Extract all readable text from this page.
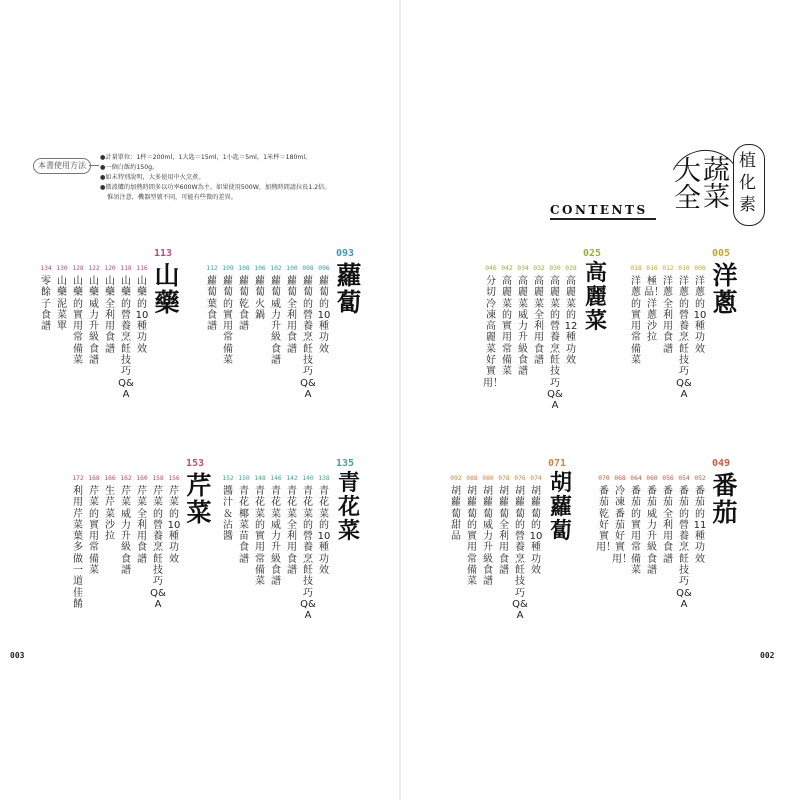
本書使用方法
●計量單位：1杯＝200ml，1大匙＝15ml，1小匙＝5ml，1米杯＝180ml。
●一個白飯約150g。
●如未特別說明，大多使用中火烹煮。
●微波爐的加熱時間多以功率600W為主，如果使用500W，加熱時間請拉長1.2倍。
惟須注意，機器型號不同，可能有些微的差異。
大全
蔬菜
植化素
CONTENTS
005
洋蔥
008
洋蔥的10種功效
010
洋蔥的營養烹飪技巧Q&A
012
洋蔥全利用食譜
016
極品！洋蔥沙拉
018
洋蔥的實用常備菜
025
高麗菜
028
高麗菜的12種功效
030
高麗菜的營養烹飪技巧Q&A
032
高麗菜全利用食譜
034
高麗菜威力升級食譜
042
高麗菜的實用常備菜
046
分切冷凍高麗菜好實用！
049
番茄
052
番茄的11種功效
054
番茄的營養烹飪技巧Q&A
056
番茄全利用食譜
060
番茄威力升級食譜
064
番茄的實用常備菜
068
冷凍番茄好實用！
070
番茄乾好實用！
071
胡蘿蔔
074
胡蘿蔔的10種功效
076
胡蘿蔔的營養烹飪技巧Q&A
078
胡蘿蔔全利用食譜
080
胡蘿蔔威力升級食譜
088
胡蘿蔔的實用常備菜
092
胡蘿蔔甜品
093
蘿蔔
096
蘿蔔的10種功效
098
蘿蔔的營養烹飪技巧Q&A
100
蘿蔔全利用食譜
102
蘿蔔威力升級食譜
106
蘿蔔火鍋
108
蘿蔔乾食譜
109
蘿蔔的實用常備菜
112
蘿蔔葉食譜
113
山藥
116
山藥的10種功效
118
山藥的營養烹飪技巧Q&A
120
山藥全利用食譜
122
山藥威力升級食譜
128
山藥的實用常備菜
130
山藥泥菜單
134
零餘子食譜
135
青花菜
138
青花菜的10種功效
140
青花菜的營養烹飪技巧Q&A
142
青花菜全利用食譜
146
青花菜威力升級食譜
148
青花菜的實用常備菜
150
青花椰菜苗食譜
152
醬汁＆沾醬
153
芹菜
156
芹菜的10種功效
158
芹菜的營養烹飪技巧Q&A
160
芹菜全利用食譜
162
芹菜威力升級食譜
166
生芹菜沙拉
168
芹菜的實用常備菜
172
利用芹菜葉多做一道佳餚
003	002
